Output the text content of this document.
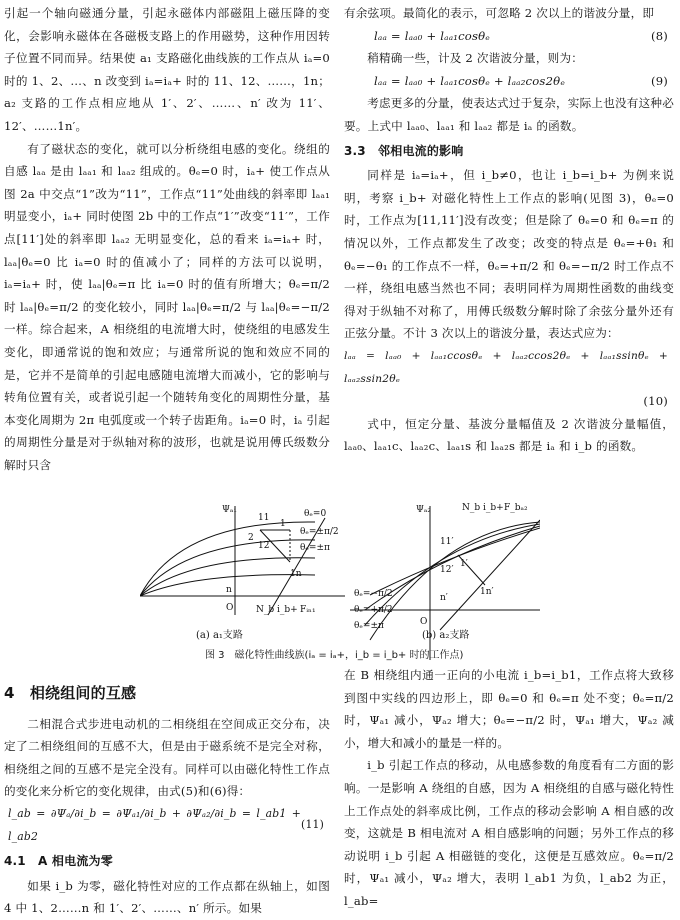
引起一个轴向磁通分量，引起永磁体内部磁阻上磁压降的变化，会影响永磁体在各磁极支路上的作用磁势，这种作用因转子位置不同而异。结果使 a₁ 支路磁化曲线族的工作点从 iₐ=0 时的 1、2、…、n 改变到 iₐ=iₐ+ 时的 11、12、……，1n；a₂ 支路的工作点相应地从 1′、2′、……、n′ 改为 11′、12′、……1n′。

有了磁状态的变化，就可以分析绕组电感的变化。绕组的自感 lₐₐ 是由 lₐₐ₁ 和 lₐₐ₂ 组成的。θₑ=0 时，iₐ+ 使工作点从图 2a 中交点“1”改为“11”，工作点“11”处曲线的斜率即 lₐₐ₁ 明显变小，iₐ+ 同时使图 2b 中的工作点“1′”改变“11′”，工作点[11′]处的斜率即 lₐₐ₂ 无明显变化，总的看来 iₐ=iₐ+ 时，lₐₐ|θₑ=0 比 iₐ=0 时的值减小了；同样的方法可以说明，iₐ=iₐ+ 时，使 lₐₐ|θₑ=π 比 iₐ=0 时的值有所增大；θₑ=π/2 时 lₐₐ|θₑ=π/2 的变化较小，同时 lₐₐ|θₑ=π/2 与 lₐₐ|θₑ=−π/2 一样。综合起来，A 相绕组的电流增大时，使绕组的电感发生变化，即通常说的饱和效应；与通常所说的饱和效应不同的是，它并不是简单的引起电感随电流增大而减小，它的影响与转角位置有关，或者说引起一个随转角变化的周期性分量，基本变化周期为 2π 电弧度或一个转子齿距角。iₐ=0 时，iₐ 引起的周期性分量是对于纵轴对称的波形，也就是说用傅氏级数分解时只含

有余弦项。最简化的表示，可忽略 2 次以上的谐波分量，即

lₐₐ = lₐₐ₀ + lₐₐ₁cosθₑ	(8)

稍精确一些，计及 2 次谐波分量，则为：

lₐₐ = lₐₐ₀ + lₐₐ₁cosθₑ + lₐₐ₂cos2θₑ	(9)

考虑更多的分量，使表达式过于复杂，实际上也没有这种必要。上式中 lₐₐ₀、lₐₐ₁ 和 lₐₐ₂ 都是 iₐ 的函数。

3.3　邻相电流的影响

同样是 iₐ=iₐ+，但 i_b≠0，也让 i_b=i_b+ 为例来说明，考察 i_b+ 对磁化特性上工作点的影响(见图 3)，θₑ=0 时，工作点为[11,11′]没有改变；但是除了 θₑ=0 和 θₑ=π 的情况以外，工作点都发生了改变；改变的特点是 θₑ=+θ₁ 和 θₑ=−θ₁ 的工作点不一样，θₑ=+π/2 和 θₑ=−π/2 时工作点不一样，绕组电感当然也不同；表明同样为周期性函数的曲线变得对于纵轴不对称了，用傅氏级数分解时除了余弦分量外还有正弦分量。不计 3 次以上的谐波分量，表达式应为：

lₐₐ = lₐₐ₀ + lₐₐ₁ccosθₑ + lₐₐ₂ccos2θₑ + lₐₐ₁ssinθₑ + lₐₐ₂ssin2θₑ
(10)

式中，恒定分量、基波分量幅值及 2 次谐波分量幅值，lₐₐ₀、lₐₐ₁c、lₐₐ₂c、lₐₐ₁s 和 lₐₐ₂s 都是 iₐ 和 i_b 的函数。

Ψₐ₁
O
n
N_b i_b+ Fᵢₙ₁
θₑ=0
θₑ=±π/2
θₑ=±π
11
1
2
12
1n
Ψₐ₂
O
N_b i_b+ F_bₐ₂
n′
11′
1′
12′
1n′
θₑ=−π/2
θₑ=+π/2
θₑ=±π
(a) a₁支路	(b) a₂支路
图 3　磁化特性曲线族(iₐ = iₐ+，i_b = i_b+ 时的工作点)
4　相绕组间的互感

二相混合式步进电动机的二相绕组在空间成正交分布，决定了二相绕组间的互感不大，但是由于磁系统不是完全对称，相绕组之间的互感不是完全没有。同样可以由磁化特性工作点的变化来分析它的变化规律，由式(5)和(6)得：

l_ab = ∂Ψₐ/∂i_b = ∂Ψₐ₁/∂i_b + ∂Ψₐ₂/∂i_b = l_ab1 + l_ab2
(11)
4.1　A 相电流为零

如果 i_b 为零，磁化特性对应的工作点都在纵轴上，如图 4 中 1、2……n 和 1′、2′、……、n′ 所示。如果

在 B 相绕组内通一正向的小电流 i_b=i_b1，工作点将大致移到图中实线的四边形上，即 θₑ=0 和 θₑ=π 处不变；θₑ=π/2 时，Ψₐ₁ 减小，Ψₐ₂ 增大；θₑ=−π/2 时，Ψₐ₁ 增大，Ψₐ₂ 减小，增大和减小的量是一样的。

i_b 引起工作点的移动，从电感参数的角度看有二方面的影响。一是影响 A 绕组的自感，因为 A 相绕组的自感与磁化特性上工作点处的斜率成比例，工作点的移动会影响 A 相自感的改变，这就是 B 相电流对 A 相自感影响的问题；另外工作点的移动说明 i_b 引起 A 相磁链的变化，这便是互感效应。θₑ=π/2 时，Ψₐ₁ 减小，Ψₐ₂ 增大，表明 l_ab1 为负，l_ab2 为正，l_ab=
